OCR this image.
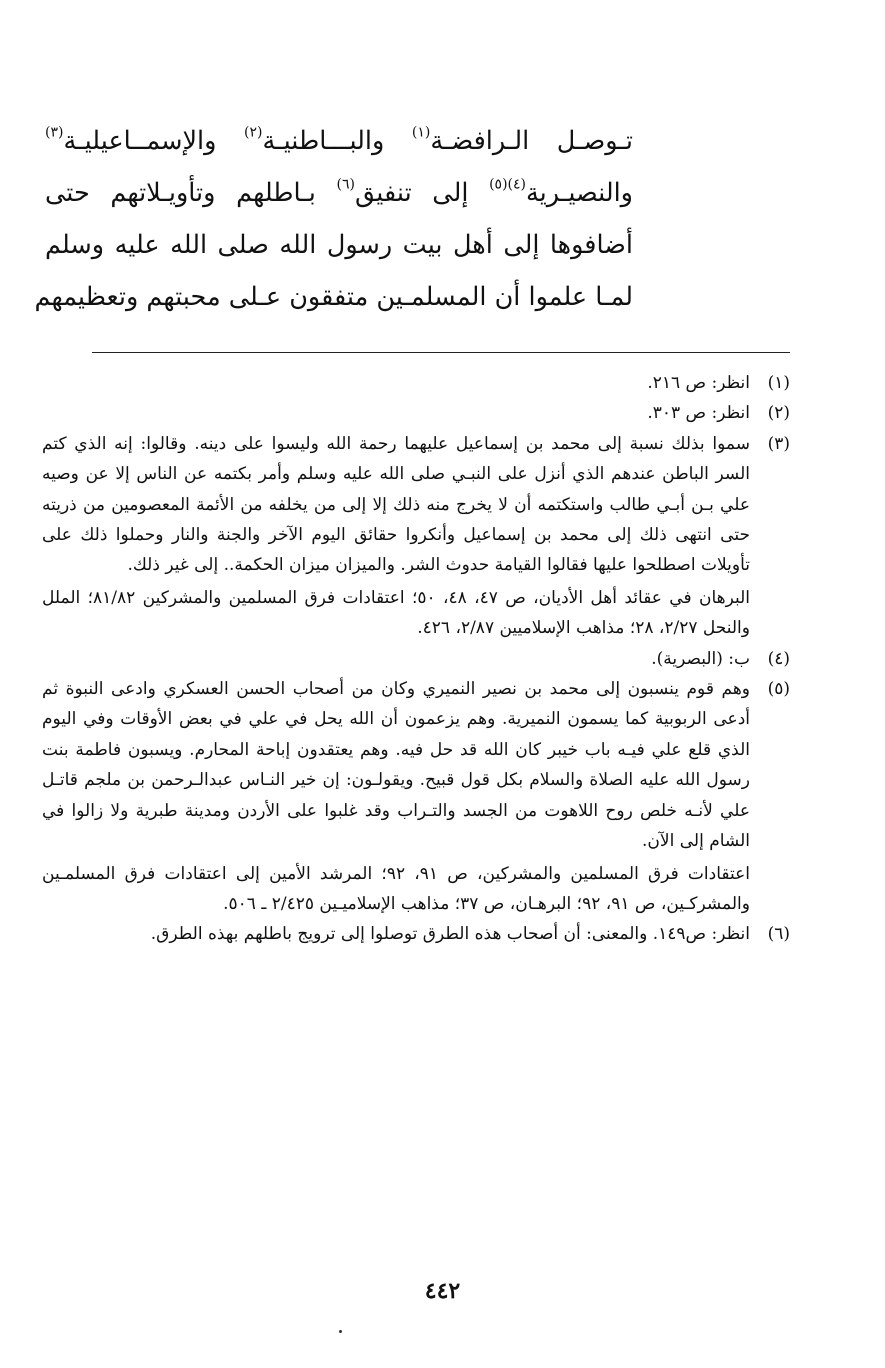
تـوصـل الـرافضـة$^{(١)}$ والبـــاطنيـة$^{(٢)}$ والإسمــاعيليـة$^{(٣)}$
والنصيـرية$^{(٤)(٥)}$ إلى تنفيق$^{(٦)}$ بـاطلهم وتأويـلاتهم حتى
أضافوها إلى أهل بيت رسول الله صلى الله عليه وسلم
لمـا علموا أن المسلمـين متفقون عـلى محبتهم وتعظيمهم
(١)

انظر: ص ٢١٦.

(٢)

انظر: ص ٣٠٣.

(٣)

سموا بذلك نسبة إلى محمد بن إسماعيل عليهما رحمة الله وليسوا على دينه. وقالوا: إنه الذي كتم السر الباطن عندهم الذي أنزل على النبـي صلى الله عليه وسلم وأمر بكتمه عن الناس إلا عن وصيه علي بـن أبـي طالب واستكتمه أن لا يخرج منه ذلك إلا إلى من يخلفه من الأئمة المعصومين من ذريته حتى انتهى ذلك إلى محمد بن إسماعيل وأنكروا حقائق اليوم الآخر والجنة والنار وحملوا ذلك على تأويلات اصطلحوا عليها فقالوا القيامة حدوث الشر. والميزان ميزان الحكمة.. إلى غير ذلك.

البرهان في عقائد أهل الأديان، ص ٤٧، ٤٨، ٥٠؛ اعتقادات فرق المسلمين والمشركين ٨١/٨٢؛ الملل والنحل ٢/٢٧، ٢٨؛ مذاهب الإسلاميين ٢/٨٧، ٤٢٦.

(٤)

ب: (البصرية).

(٥)

وهم قوم ينسبون إلى محمد بن نصير النميري وكان من أصحاب الحسن العسكري وادعى النبوة ثم أدعى الربوبية كما يسمون النميرية. وهم يزعمون أن الله يحل في علي في بعض الأوقات وفي اليوم الذي قلع علي فيـه باب خيبر كان الله قد حل فيه. وهم يعتقدون إباحة المحارم. ويسبون فاطمة بنت رسول الله عليه الصلاة والسلام بكل قول قبيح. ويقولـون: إن خير النـاس عبدالـرحمن بن ملجم قاتـل علي لأنـه خلص روح اللاهوت من الجسد والتـراب وقد غلبوا على الأردن ومدينة طبرية ولا زالوا في الشام إلى الآن.

اعتقادات فرق المسلمين والمشركين، ص ٩١، ٩٢؛ المرشد الأمين إلى اعتقادات فرق المسلمـين والمشركـين، ص ٩١، ٩٢؛ البرهـان، ص ٣٧؛ مذاهب الإسلاميـين ٢/٤٢٥ ـ ٥٠٦.

(٦)

انظر: ص١٤٩. والمعنى: أن أصحاب هذه الطرق توصلوا إلى ترويج باطلهم بهذه الطرق.

٤٤٢
